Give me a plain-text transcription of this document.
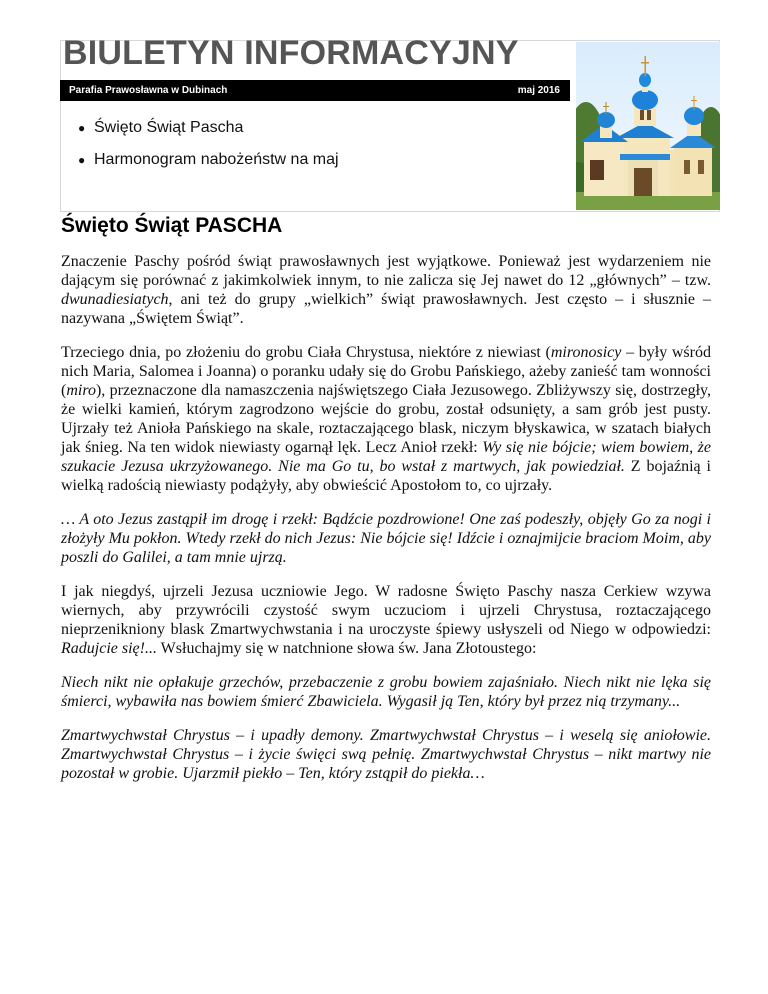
BIULETYN INFORMACYJNY
Parafia Prawosławna w Dubinach	maj 2016
● Święto Świąt Pascha
● Harmonogram nabożeństw na maj
Święto Świąt PASCHA

Znaczenie Paschy pośród świąt prawosławnych jest wyjątkowe. Ponieważ jest wydarzeniem nie dającym się porównać z jakimkolwiek innym, to nie zalicza się Jej nawet do 12 „głównych” – tzw. dwunadiesiatych, ani też do grupy „wielkich” świąt prawosławnych. Jest często – i słusznie – nazywana „Świętem Świąt”.

Trzeciego dnia, po złożeniu do grobu Ciała Chrystusa, niektóre z niewiast (mironosicy – były wśród nich Maria, Salomea i Joanna) o poranku udały się do Grobu Pańskiego, ażeby zanieść tam wonności (miro), przeznaczone dla namaszczenia najświętszego Ciała Jezusowego. Zbliżywszy się, dostrzegły, że wielki kamień, którym zagrodzono wejście do grobu, został odsunięty, a sam grób jest pusty. Ujrzały też Anioła Pańskiego na skale, roztaczającego blask, niczym błyskawica, w szatach białych jak śnieg. Na ten widok niewiasty ogarnął lęk. Lecz Anioł rzekł: Wy się nie bójcie; wiem bowiem, że szukacie Jezusa ukrzyżowanego. Nie ma Go tu, bo wstał z martwych, jak powiedział. Z bojaźnią i wielką radością niewiasty podążyły, aby obwieścić Apostołom to, co ujrzały.

… A oto Jezus zastąpił im drogę i rzekł: Bądźcie pozdrowione! One zaś podeszły, objęły Go za nogi i złożyły Mu pokłon. Wtedy rzekł do nich Jezus: Nie bójcie się! Idźcie i oznajmijcie braciom Moim, aby poszli do Galilei, a tam mnie ujrzą.

I jak niegdyś, ujrzeli Jezusa uczniowie Jego. W radosne Święto Paschy nasza Cerkiew wzywa wiernych, aby przywrócili czystość swym uczuciom i ujrzeli Chrystusa, roztaczającego nieprzenikniony blask Zmartwychwstania i na uroczyste śpiewy usłyszeli od Niego w odpowiedzi: Radujcie się!... Wsłuchajmy się w natchnione słowa św. Jana Złotoustego:

Niech nikt nie opłakuje grzechów, przebaczenie z grobu bowiem zajaśniało. Niech nikt nie lęka się śmierci, wybawiła nas bowiem śmierć Zbawiciela. Wygasił ją Ten, który był przez nią trzymany...

Zmartwychwstał Chrystus – i upadły demony. Zmartwychwstał Chrystus – i weselą się aniołowie. Zmartwychwstał Chrystus – i życie święci swą pełnię. Zmartwychwstał Chrystus – nikt martwy nie pozostał w grobie. Ujarzmił piekło – Ten, który zstąpił do piekła…
